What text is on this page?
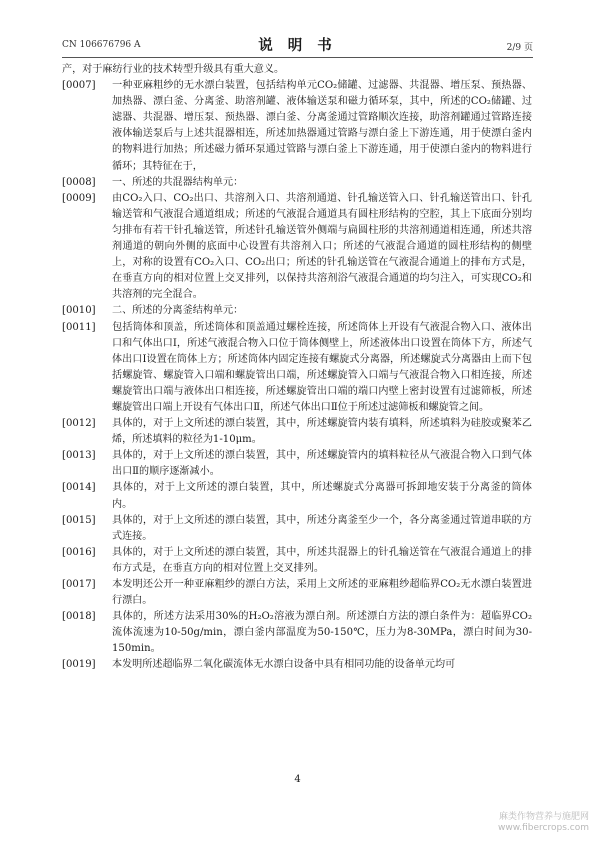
CN 106676796 A	说 明 书	2/9 页

产，对于麻纺行业的技术转型升级具有重大意义。

[0007] 一种亚麻粗纱的无水漂白装置，包括结构单元CO₂储罐、过滤器、共混器、增压泵、预热器、加热器、漂白釜、分离釜、助溶剂罐、液体输送泵和磁力循环泵，其中，所述的CO₂储罐、过滤器、共混器、增压泵、预热器、漂白釜、分离釜通过管路顺次连接，助溶剂罐通过管路连接液体输送泵后与上述共混器相连，所述加热器通过管路与漂白釜上下游连通，用于使漂白釜内的物料进行加热；所述磁力循环泵通过管路与漂白釜上下游连通，用于使漂白釜内的物料进行循环；其特征在于，

[0008] 一、所述的共混器结构单元：

[0009] 由CO₂入口、CO₂出口、共溶剂入口、共溶剂通道、针孔输送管入口、针孔输送管出口、针孔输送管和气液混合通道组成；所述的气液混合通道具有圆柱形结构的空腔，其上下底面分别均匀排布有若干针孔输送管，所述针孔输送管外侧端与扁圆柱形的共溶剂通道相连通，所述共溶剂通道的朝向外侧的底面中心设置有共溶剂入口；所述的气液混合通道的圆柱形结构的侧壁上，对称的设置有CO₂入口、CO₂出口；所述的针孔输送管在气液混合通道上的排布方式是，在垂直方向的相对位置上交叉排列，以保持共溶剂浴气液混合通道的均匀注入，可实现CO₂和共溶剂的完全混合。

[0010] 二、所述的分离釜结构单元：

[0011] 包括筒体和顶盖，所述筒体和顶盖通过螺栓连接，所述筒体上开设有气液混合物入口、液体出口和气体出口Ⅰ，所述气液混合物入口位于筒体侧壁上，所述液体出口设置在筒体下方，所述气体出口Ⅰ设置在筒体上方；所述筒体内固定连接有螺旋式分离器，所述螺旋式分离器由上而下包括螺旋管、螺旋管入口端和螺旋管出口端，所述螺旋管入口端与气液混合物入口相连接，所述螺旋管出口端与液体出口相连接，所述螺旋管出口端的端口内壁上密封设置有过滤筛板，所述螺旋管出口端上开设有气体出口Ⅱ，所述气体出口Ⅱ位于所述过滤筛板和螺旋管之间。

[0012] 具体的，对于上文所述的漂白装置，其中，所述螺旋管内装有填料，所述填料为硅胶或聚苯乙烯，所述填料的粒径为1-10μm。

[0013] 具体的，对于上文所述的漂白装置，其中，所述螺旋管内的填料粒径从气液混合物入口到气体出口Ⅱ的顺序逐渐减小。

[0014] 具体的，对于上文所述的漂白装置，其中，所述螺旋式分离器可拆卸地安装于分离釜的筒体内。

[0015] 具体的，对于上文所述的漂白装置，其中，所述分离釜至少一个，各分离釜通过管道串联的方式连接。

[0016] 具体的，对于上文所述的漂白装置，其中，所述共混器上的针孔输送管在气液混合通道上的排布方式是，在垂直方向的相对位置上交叉排列。

[0017] 本发明还公开一种亚麻粗纱的漂白方法，采用上文所述的亚麻粗纱超临界CO₂无水漂白装置进行漂白。

[0018] 具体的，所述方法采用30%的H₂O₂溶液为漂白剂。所述漂白方法的漂白条件为：超临界CO₂流体流速为10-50g/min，漂白釜内部温度为50-150℃，压力为8-30MPa，漂白时间为30-150min。

[0019] 本发明所述超临界二氧化碳流体无水漂白设备中具有相同功能的设备单元均可

4
麻类作物营养与施肥网
www.fibercrops.com
